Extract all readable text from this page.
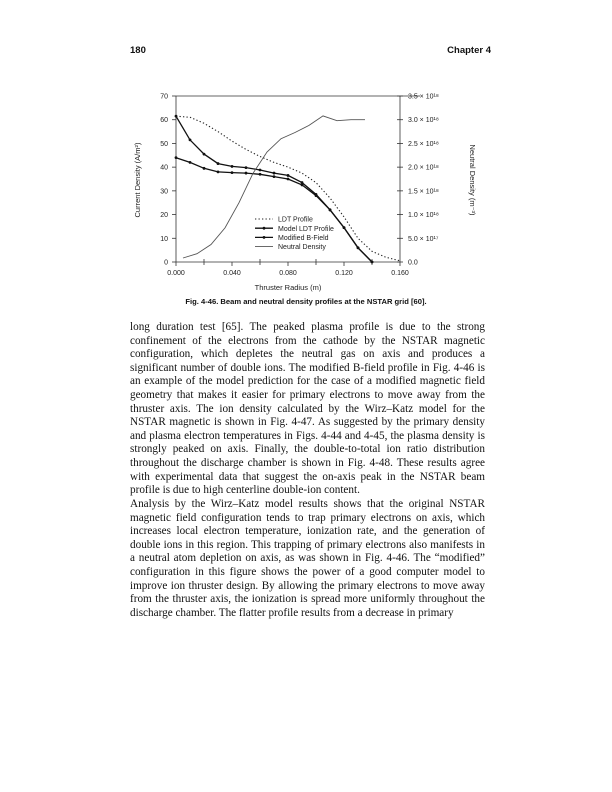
180	Chapter 4
0
10
20
30
40
50
60
70
0.0
5.0 × 10¹⁷
1.0 × 10¹⁸
1.5 × 10¹⁸
2.0 × 10¹⁸
2.5 × 10¹⁸
3.0 × 10¹⁸
3.5 × 10¹⁸
0.000	0.040	0.080	0.120	0.160
LDT Profile
Model LDT Profile
Modified B-Field
Neutral Density
Thruster Radius (m)
Current Density (A/m²)	Neutral Density (m⁻³)
Fig. 4-46. Beam and neutral density profiles at the NSTAR grid [60].

long duration test [65]. The peaked plasma profile is due to the strong confinement of the electrons from the cathode by the NSTAR magnetic configuration, which depletes the neutral gas on axis and produces a significant number of double ions. The modified B-field profile in Fig. 4-46 is an example of the model prediction for the case of a modified magnetic field geometry that makes it easier for primary electrons to move away from the thruster axis. The ion density calculated by the Wirz–Katz model for the NSTAR magnetic is shown in Fig. 4-47. As suggested by the primary density and plasma electron temperatures in Figs. 4-44 and 4-45, the plasma density is strongly peaked on axis. Finally, the double-to-total ion ratio distribution throughout the discharge chamber is shown in Fig. 4-48. These results agree with experimental data that suggest the on-axis peak in the NSTAR beam profile is due to high centerline double-ion content.

Analysis by the Wirz–Katz model results shows that the original NSTAR magnetic field configuration tends to trap primary electrons on axis, which increases local electron temperature, ionization rate, and the generation of double ions in this region. This trapping of primary electrons also manifests in a neutral atom depletion on axis, as was shown in Fig. 4-46. The “modified” configuration in this figure shows the power of a good computer model to improve ion thruster design. By allowing the primary electrons to move away from the thruster axis, the ionization is spread more uniformly throughout the discharge chamber. The flatter profile results from a decrease in primary
